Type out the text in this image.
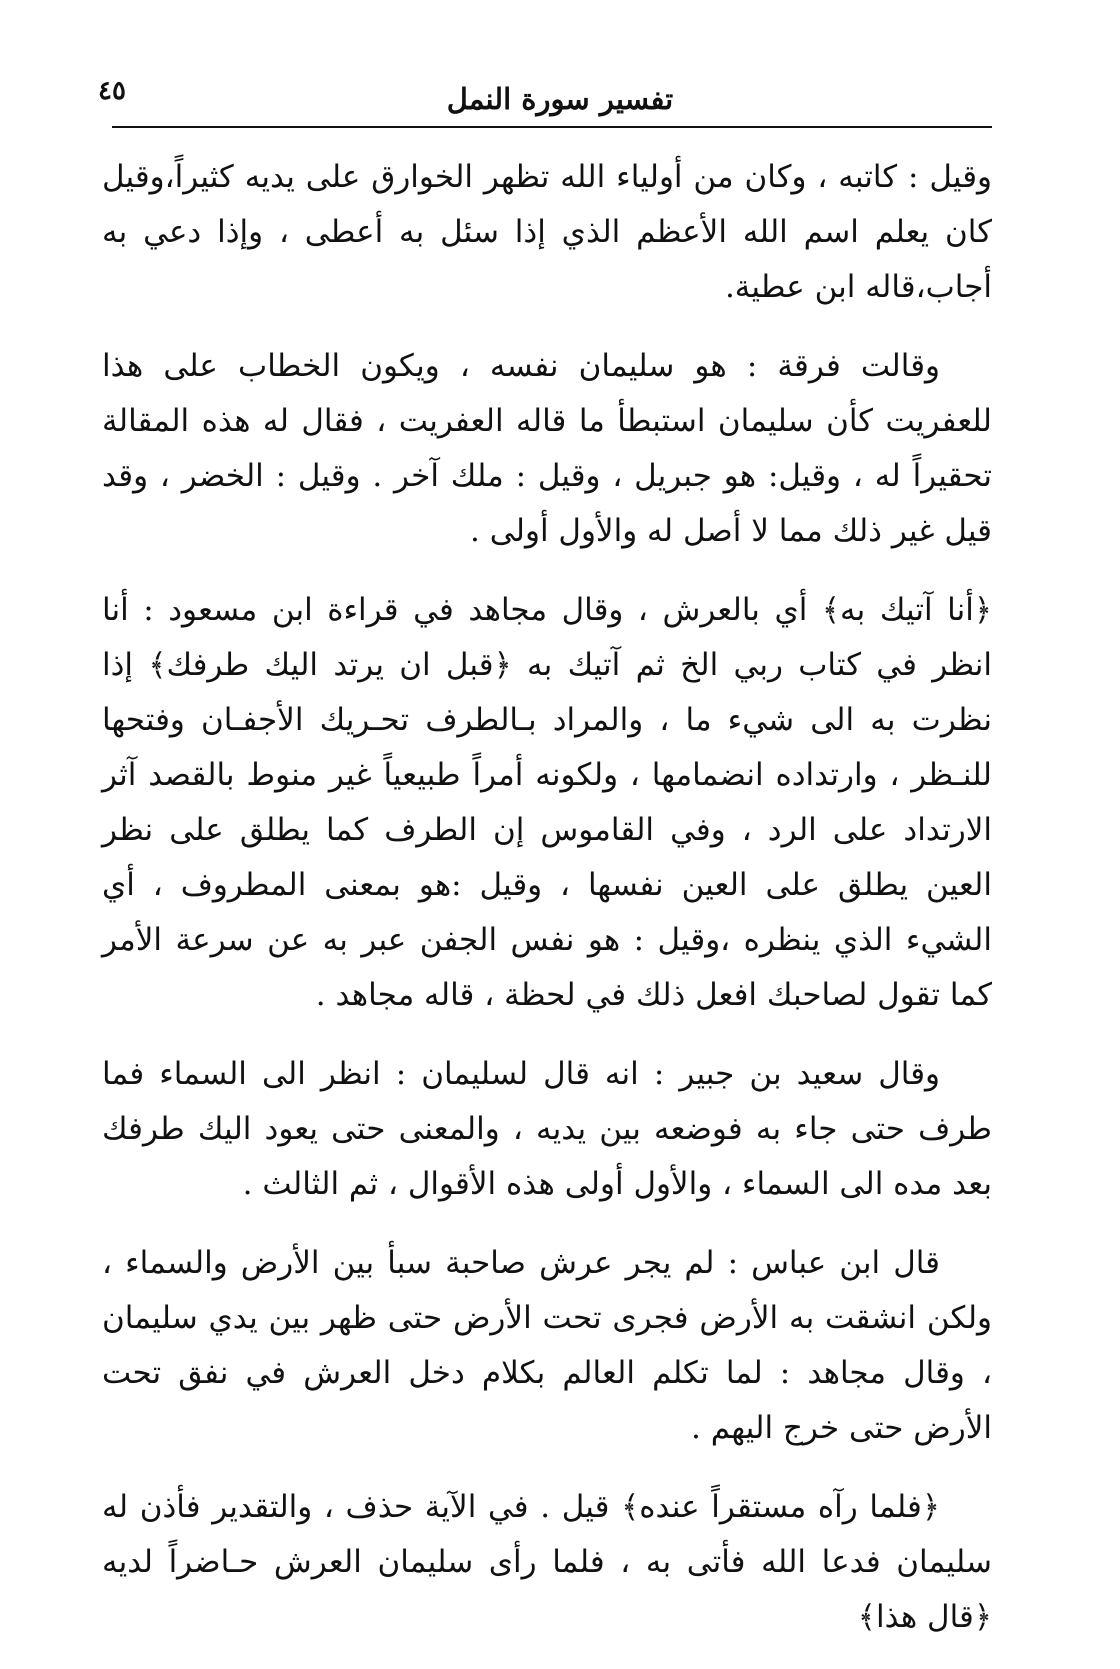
٤٥	تفسير سورة النمل

وقيل : كاتبه ، وكان من أولياء الله تظهر الخوارق على يديه كثيراً،وقيل كان يعلم اسم الله الأعظم الذي إذا سئل به أعطى ، وإذا دعي به أجاب،قاله ابن عطية.

وقالت فرقة : هو سليمان نفسه ، ويكون الخطاب على هذا للعفريت كأن سليمان استبطأ ما قاله العفريت ، فقال له هذه المقالة تحقيراً له ، وقيل: هو جبريل ، وقيل : ملك آخر . وقيل : الخضر ، وقد قيل غير ذلك مما لا أصل له والأول أولى .

﴿أنا آتيك به﴾ أي بالعرش ، وقال مجاهد في قراءة ابن مسعود : أنا انظر في كتاب ربي الخ ثم آتيك به ﴿قبل ان يرتد اليك طرفك﴾ إذا نظرت به الى شيء ما ، والمراد بـالطرف تحـريك الأجفـان وفتحها للنـظر ، وارتداده انضمامها ، ولكونه أمراً طبيعياً غير منوط بالقصد آثر الارتداد على الرد ، وفي القاموس إن الطرف كما يطلق على نظر العين يطلق على العين نفسها ، وقيل :هو بمعنى المطروف ، أي الشيء الذي ينظره ،وقيل : هو نفس الجفن عبر به عن سرعة الأمر كما تقول لصاحبك افعل ذلك في لحظة ، قاله مجاهد .

وقال سعيد بن جبير : انه قال لسليمان : انظر الى السماء فما طرف حتى جاء به فوضعه بين يديه ، والمعنى حتى يعود اليك طرفك بعد مده الى السماء ، والأول أولى هذه الأقوال ، ثم الثالث .

قال ابن عباس : لم يجر عرش صاحبة سبأ بين الأرض والسماء ، ولكن انشقت به الأرض فجرى تحت الأرض حتى ظهر بين يدي سليمان ، وقال مجاهد : لما تكلم العالم بكلام دخل العرش في نفق تحت الأرض حتى خرج اليهم .

﴿فلما رآه مستقراً عنده﴾ قيل . في الآية حذف ، والتقدير فأذن له سليمان فدعا الله فأتى به ، فلما رأى سليمان العرش حـاضراً لديه ﴿قال هذا﴾
